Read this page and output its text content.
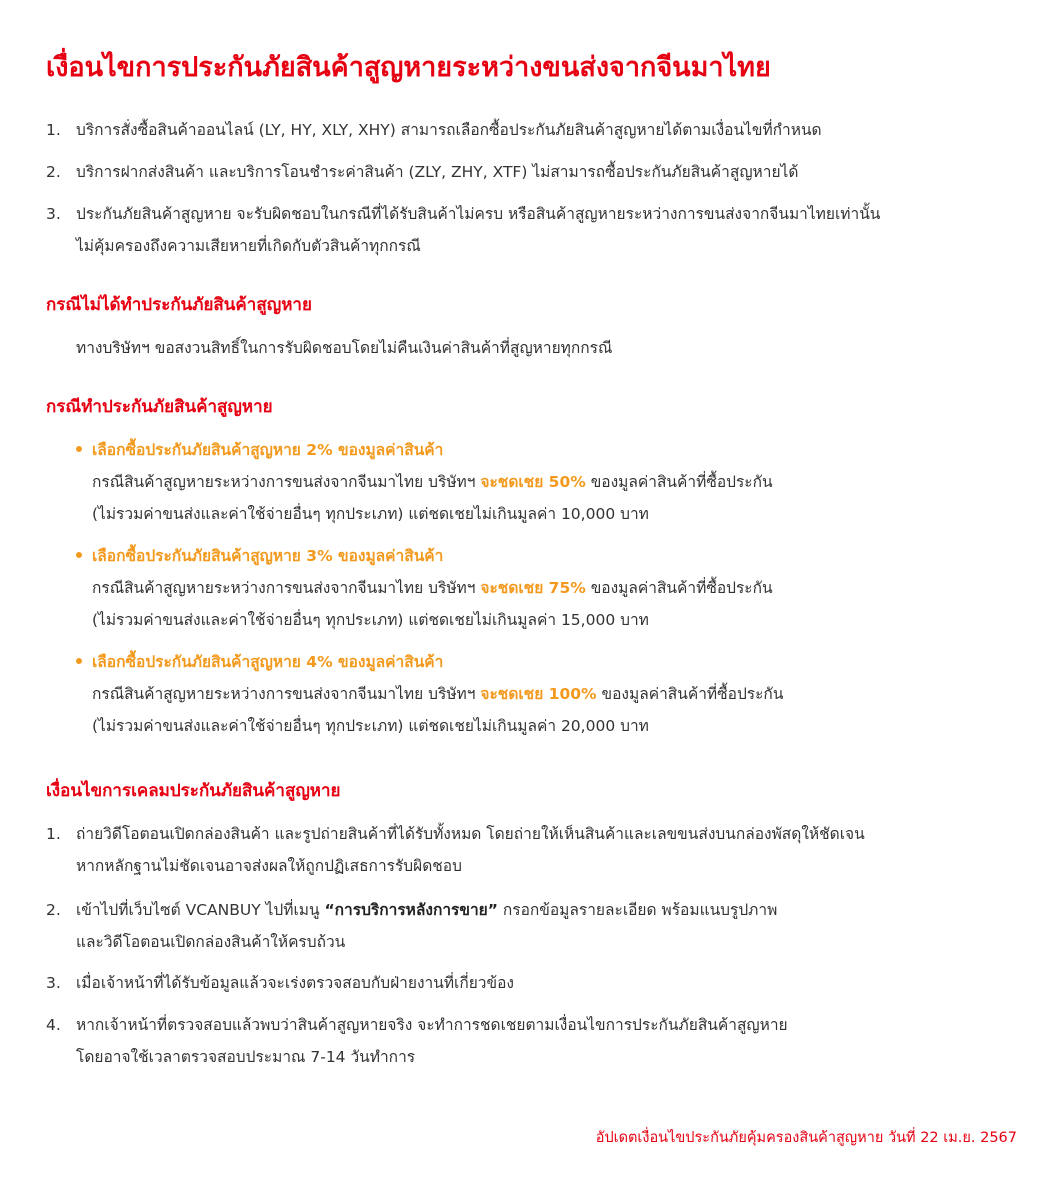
เงื่อนไขการประกันภัยสินค้าสูญหายระหว่างขนส่งจากจีนมาไทย
1. บริการสั่งซื้อสินค้าออนไลน์ (LY, HY, XLY, XHY) สามารถเลือกซื้อประกันภัยสินค้าสูญหายได้ตามเงื่อนไขที่กำหนด
2. บริการฝากส่งสินค้า และบริการโอนชำระค่าสินค้า (ZLY, ZHY, XTF) ไม่สามารถซื้อประกันภัยสินค้าสูญหายได้
3. ประกันภัยสินค้าสูญหาย จะรับผิดชอบในกรณีที่ได้รับสินค้าไม่ครบ หรือสินค้าสูญหายระหว่างการขนส่งจากจีนมาไทยเท่านั้น
ไม่คุ้มครองถึงความเสียหายที่เกิดกับตัวสินค้าทุกกรณี
กรณีไม่ได้ทำประกันภัยสินค้าสูญหาย
ทางบริษัทฯ ขอสงวนสิทธิ์ในการรับผิดชอบโดยไม่คืนเงินค่าสินค้าที่สูญหายทุกกรณี
กรณีทำประกันภัยสินค้าสูญหาย
เลือกซื้อประกันภัยสินค้าสูญหาย 2% ของมูลค่าสินค้า
กรณีสินค้าสูญหายระหว่างการขนส่งจากจีนมาไทย บริษัทฯ จะชดเชย 50% ของมูลค่าสินค้าที่ซื้อประกัน
(ไม่รวมค่าขนส่งและค่าใช้จ่ายอื่นๆ ทุกประเภท) แต่ชดเชยไม่เกินมูลค่า 10,000 บาท
เลือกซื้อประกันภัยสินค้าสูญหาย 3% ของมูลค่าสินค้า
กรณีสินค้าสูญหายระหว่างการขนส่งจากจีนมาไทย บริษัทฯ จะชดเชย 75% ของมูลค่าสินค้าที่ซื้อประกัน
(ไม่รวมค่าขนส่งและค่าใช้จ่ายอื่นๆ ทุกประเภท) แต่ชดเชยไม่เกินมูลค่า 15,000 บาท
เลือกซื้อประกันภัยสินค้าสูญหาย 4% ของมูลค่าสินค้า
กรณีสินค้าสูญหายระหว่างการขนส่งจากจีนมาไทย บริษัทฯ จะชดเชย 100% ของมูลค่าสินค้าที่ซื้อประกัน
(ไม่รวมค่าขนส่งและค่าใช้จ่ายอื่นๆ ทุกประเภท) แต่ชดเชยไม่เกินมูลค่า 20,000 บาท
เงื่อนไขการเคลมประกันภัยสินค้าสูญหาย
1. ถ่ายวิดีโอตอนเปิดกล่องสินค้า และรูปถ่ายสินค้าที่ได้รับทั้งหมด โดยถ่ายให้เห็นสินค้าและเลขขนส่งบนกล่องพัสดุให้ชัดเจน
หากหลักฐานไม่ชัดเจนอาจส่งผลให้ถูกปฏิเสธการรับผิดชอบ
2. เข้าไปที่เว็บไซต์ VCANBUY ไปที่เมนู “การบริการหลังการขาย” กรอกข้อมูลรายละเอียด พร้อมแนบรูปภาพ
และวิดีโอตอนเปิดกล่องสินค้าให้ครบถ้วน
3. เมื่อเจ้าหน้าที่ได้รับข้อมูลแล้วจะเร่งตรวจสอบกับฝ่ายงานที่เกี่ยวข้อง
4. หากเจ้าหน้าที่ตรวจสอบแล้วพบว่าสินค้าสูญหายจริง จะทำการชดเชยตามเงื่อนไขการประกันภัยสินค้าสูญหาย
โดยอาจใช้เวลาตรวจสอบประมาณ 7-14 วันทำการ
อัปเดตเงื่อนไขประกันภัยคุ้มครองสินค้าสูญหาย วันที่ 22 เม.ย. 2567
